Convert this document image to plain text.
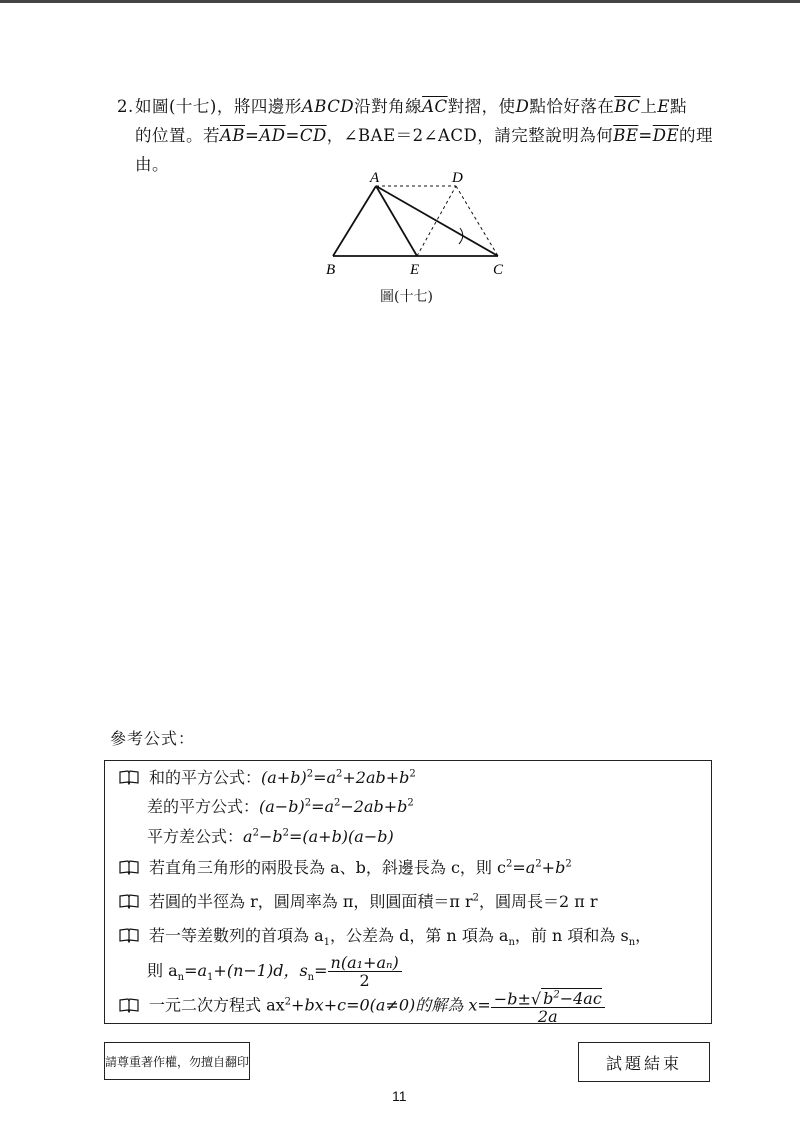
2.如圖(十七)，將四邊形ABCD沿對角線$\overline{AC}$對摺，使D點恰好落在$\overline{BC}$上E點
的位置。若$\overline{AB}=\overline{AD}=\overline{CD}$，∠BAE＝2∠ACD，請完整說明為何$\overline{BE}=\overline{DE}$的理
由。
A	D
B	E	C
圖(十七)
參考公式：
和的平方公式：$(a+b)^2=a^2+2ab+b^2$
差的平方公式：$(a-b)^2=a^2-2ab+b^2$
平方差公式：$a^2-b^2=(a+b)(a-b)$
若直角三角形的兩股長為 a、b，斜邊長為 c，則 $c^2=a^2+b^2$
若圓的半徑為 r，圓周率為 π，則圓面積＝π $r^2$，圓周長＝2 π r
若一等差數列的首項為 $a_1$，公差為 d，第 n 項為 $a_n$，前 n 項和為 $s_n$，
則 $a_n=a_1+(n-1)d$，$s_n= \frac{\text{n(a₁+aₙ)}}{2}$
一元二次方程式 $ax^2+bx+c=0(a\ne 0)$的解為 $x= \frac{-b\pm√ b^2-4ac}{2a}$
請尊重著作權，勿擅自翻印	試題結束
11
